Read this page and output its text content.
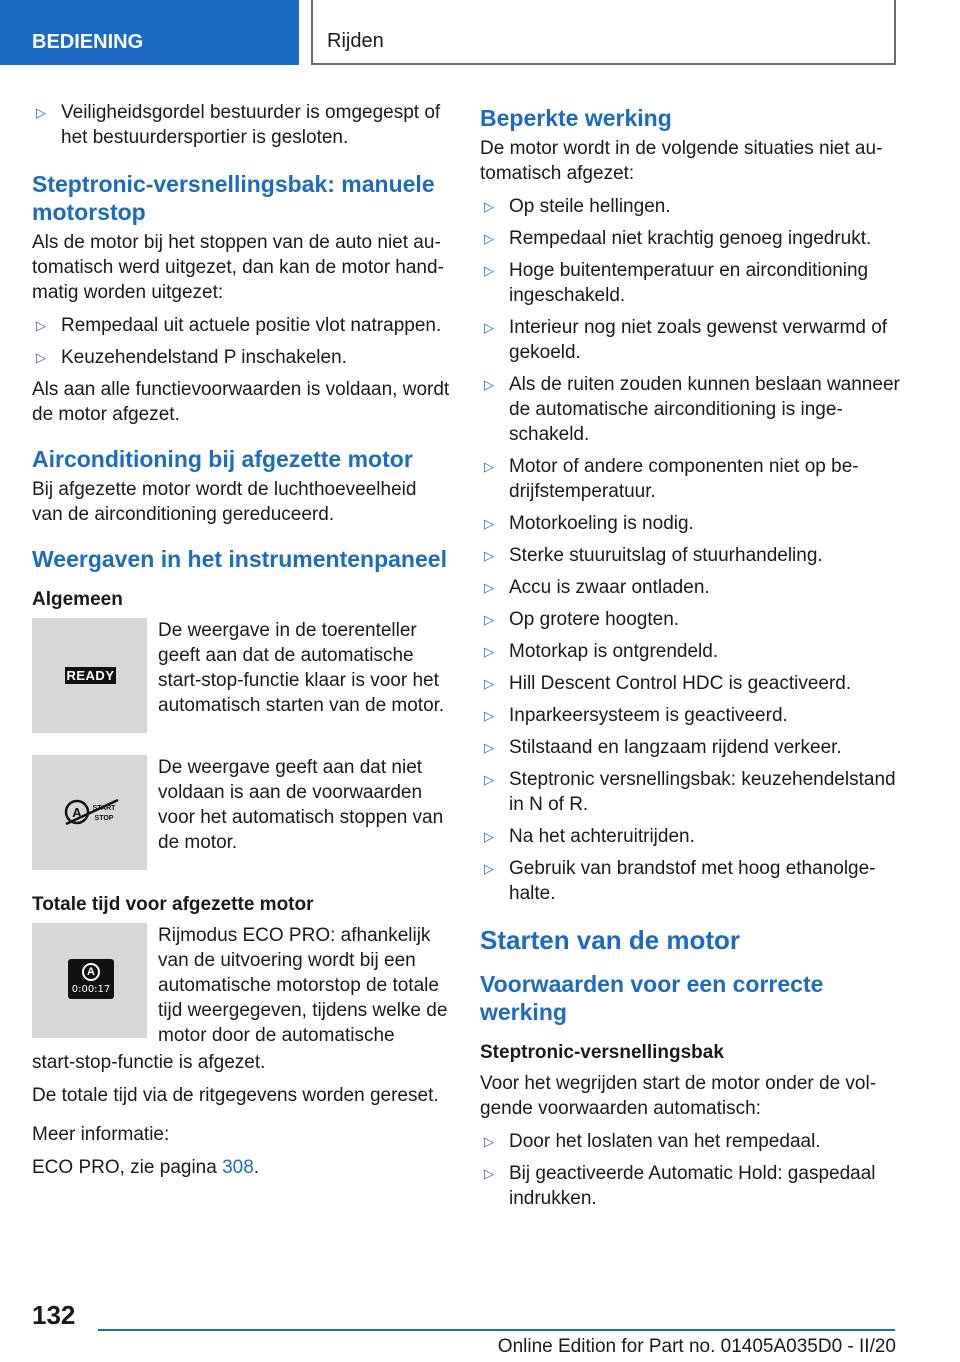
BEDIENING	Rijden
▷ Veiligheidsgordel bestuurder is omgegespt of het bestuurdersportier is gesloten.
Steptronic-versnellingsbak: manuele motorstop

Als de motor bij het stoppen van de auto niet automatisch werd uitgezet, dan kan de motor handmatig worden uitgezet:

▷ Rempedaal uit actuele positie vlot natrappen.
▷ Keuzehendelstand P inschakelen.

Als aan alle functievoorwaarden is voldaan, wordt de motor afgezet.

Airconditioning bij afgezette motor

Bij afgezette motor wordt de luchthoeveelheid van de airconditioning gereduceerd.

Weergaven in het instrumentenpaneel
Algemeen
READY
De weergave in de toerenteller geeft aan dat de automatische start-stop-functie klaar is voor het automatisch starten van de motor.
A START
STOP
De weergave geeft aan dat niet voldaan is aan de voorwaarden voor het automatisch stoppen van de motor.
Totale tijd voor afgezette motor
A
0:00:17
Rijmodus ECO PRO: afhankelijk van de uitvoering wordt bij een automatische motorstop de totale tijd weergegeven, tijdens welke de motor door de automatische

start-stop-functie is afgezet.

De totale tijd via de ritgegevens worden gereset.

Meer informatie:

ECO PRO, zie pagina 308.

Beperkte werking

De motor wordt in de volgende situaties niet automatisch afgezet:

▷ Op steile hellingen.
▷ Rempedaal niet krachtig genoeg ingedrukt.
▷ Hoge buitentemperatuur en airconditioning ingeschakeld.
▷ Interieur nog niet zoals gewenst verwarmd of gekoeld.
▷ Als de ruiten zouden kunnen beslaan wanneer de automatische airconditioning is ingeschakeld.
▷ Motor of andere componenten niet op bedrijfstemperatuur.
▷ Motorkoeling is nodig.
▷ Sterke stuuruitslag of stuurhandeling.
▷ Accu is zwaar ontladen.
▷ Op grotere hoogten.
▷ Motorkap is ontgrendeld.
▷ Hill Descent Control HDC is geactiveerd.
▷ Inparkeersysteem is geactiveerd.
▷ Stilstaand en langzaam rijdend verkeer.
▷ Steptronic versnellingsbak: keuzehendelstand in N of R.
▷ Na het achteruitrijden.
▷ Gebruik van brandstof met hoog ethanolgehalte.
Starten van de motor
Voorwaarden voor een correcte werking
Steptronic-versnellingsbak

Voor het wegrijden start de motor onder de volgende voorwaarden automatisch:

▷ Door het loslaten van het rempedaal.
▷ Bij geactiveerde Automatic Hold: gaspedaal indrukken.
132
Online Edition for Part no. 01405A035D0 - II/20
